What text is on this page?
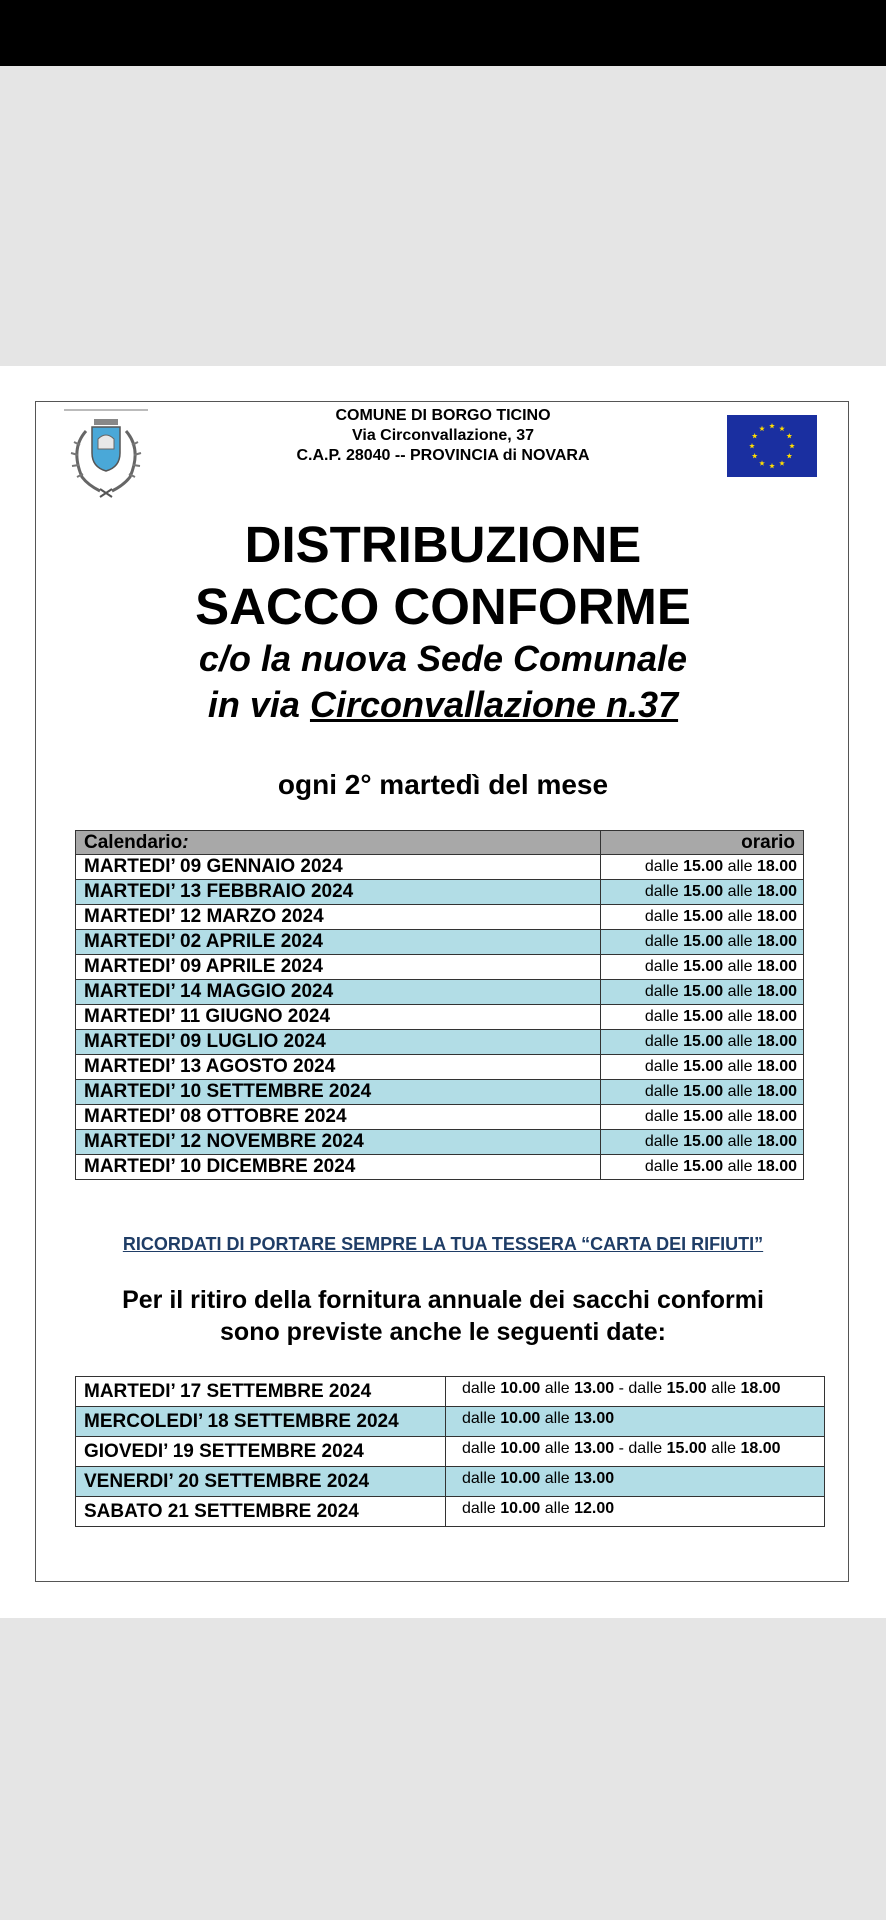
COMUNE DI BORGO TICINO
Via Circonvallazione, 37
C.A.P. 28040 -- PROVINCIA di NOVARA
DISTRIBUZIONE
SACCO CONFORME
c/o la nuova Sede Comunale
in via Circonvallazione n.37
ogni 2° martedì del mese
Calendario:	orario
MARTEDI’ 09 GENNAIO 2024	dalle 15.00 alle 18.00
MARTEDI’ 13 FEBBRAIO 2024	dalle 15.00 alle 18.00
MARTEDI’ 12 MARZO 2024	dalle 15.00 alle 18.00
MARTEDI’ 02 APRILE 2024	dalle 15.00 alle 18.00
MARTEDI’ 09 APRILE 2024	dalle 15.00 alle 18.00
MARTEDI’ 14 MAGGIO 2024	dalle 15.00 alle 18.00
MARTEDI’ 11 GIUGNO 2024	dalle 15.00 alle 18.00
MARTEDI’ 09 LUGLIO 2024	dalle 15.00 alle 18.00
MARTEDI’ 13 AGOSTO 2024	dalle 15.00 alle 18.00
MARTEDI’ 10 SETTEMBRE 2024	dalle 15.00 alle 18.00
MARTEDI’ 08 OTTOBRE 2024	dalle 15.00 alle 18.00
MARTEDI’ 12 NOVEMBRE 2024	dalle 15.00 alle 18.00
MARTEDI’ 10 DICEMBRE 2024	dalle 15.00 alle 18.00
RICORDATI DI PORTARE SEMPRE LA TUA TESSERA “CARTA DEI RIFIUTI”
Per il ritiro della fornitura annuale dei sacchi conformi
sono previste anche le seguenti date:
MARTEDI’ 17 SETTEMBRE 2024	dalle 10.00 alle 13.00 - dalle 15.00 alle 18.00
MERCOLEDI’ 18 SETTEMBRE 2024	dalle 10.00 alle 13.00
GIOVEDI’ 19 SETTEMBRE 2024	dalle 10.00 alle 13.00 - dalle 15.00 alle 18.00
VENERDI’ 20 SETTEMBRE 2024	dalle 10.00 alle 13.00
SABATO 21 SETTEMBRE 2024	dalle 10.00 alle 12.00
